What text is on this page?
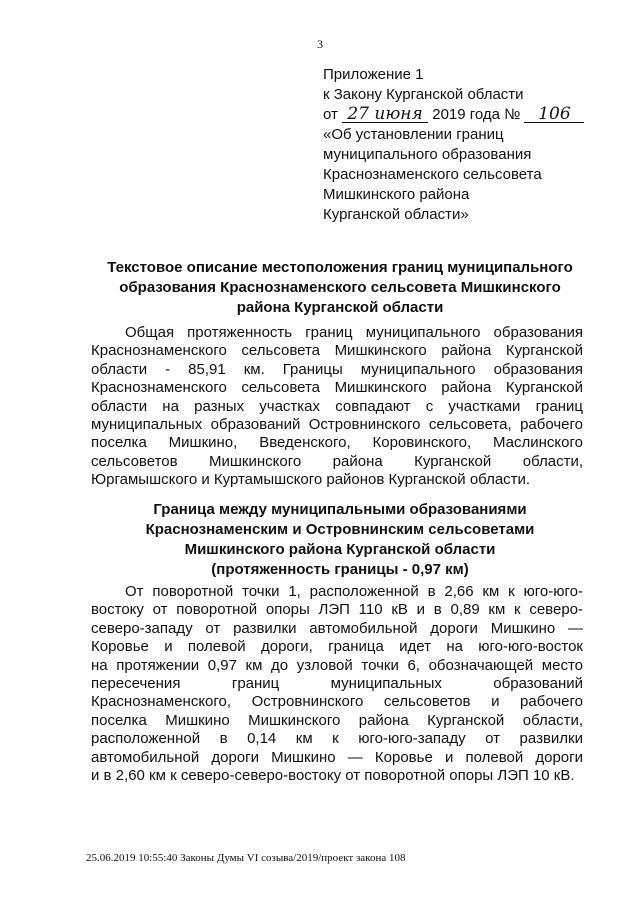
3
Приложение 1
к Закону Курганской области
от 27 июня 2019 года № 106
«Об установлении границ
муниципального образования
Краснознаменского сельсовета
Мишкинского района
Курганской области»
Текстовое описание местоположения границ муниципального
образования Краснознаменского сельсовета Мишкинского
района Курганской области
Общая протяженность границ муниципального образования
Краснознаменского сельсовета Мишкинского района Курганской
области - 85,91 км. Границы муниципального образования
Краснознаменского сельсовета Мишкинского района Курганской
области на разных участках совпадают с участками границ
муниципальных образований Островнинского сельсовета, рабочего
поселка Мишкино, Введенского, Коровинского, Маслинского
сельсоветов Мишкинского района Курганской области,
Юргамышского и Куртамышского районов Курганской области.
Граница между муниципальными образованиями
Краснознаменским и Островнинским сельсоветами
Мишкинского района Курганской области
(протяженность границы - 0,97 км)
От поворотной точки 1, расположенной в 2,66 км к юго-юго-
востоку от поворотной опоры ЛЭП 110 кВ и в 0,89 км к северо-
северо-западу от развилки автомобильной дороги Мишкино —
Коровье и полевой дороги, граница идет на юго-юго-восток
на протяжении 0,97 км до узловой точки 6, обозначающей место
пересечения границ муниципальных образований
Краснознаменского, Островнинского сельсоветов и рабочего
поселка Мишкино Мишкинского района Курганской области,
расположенной в 0,14 км к юго-юго-западу от развилки
автомобильной дороги Мишкино — Коровье и полевой дороги
и в 2,60 км к северо-северо-востоку от поворотной опоры ЛЭП 10 кВ.
25.06.2019 10:55:40 Законы Думы VI созыва/2019/проект закона 108
